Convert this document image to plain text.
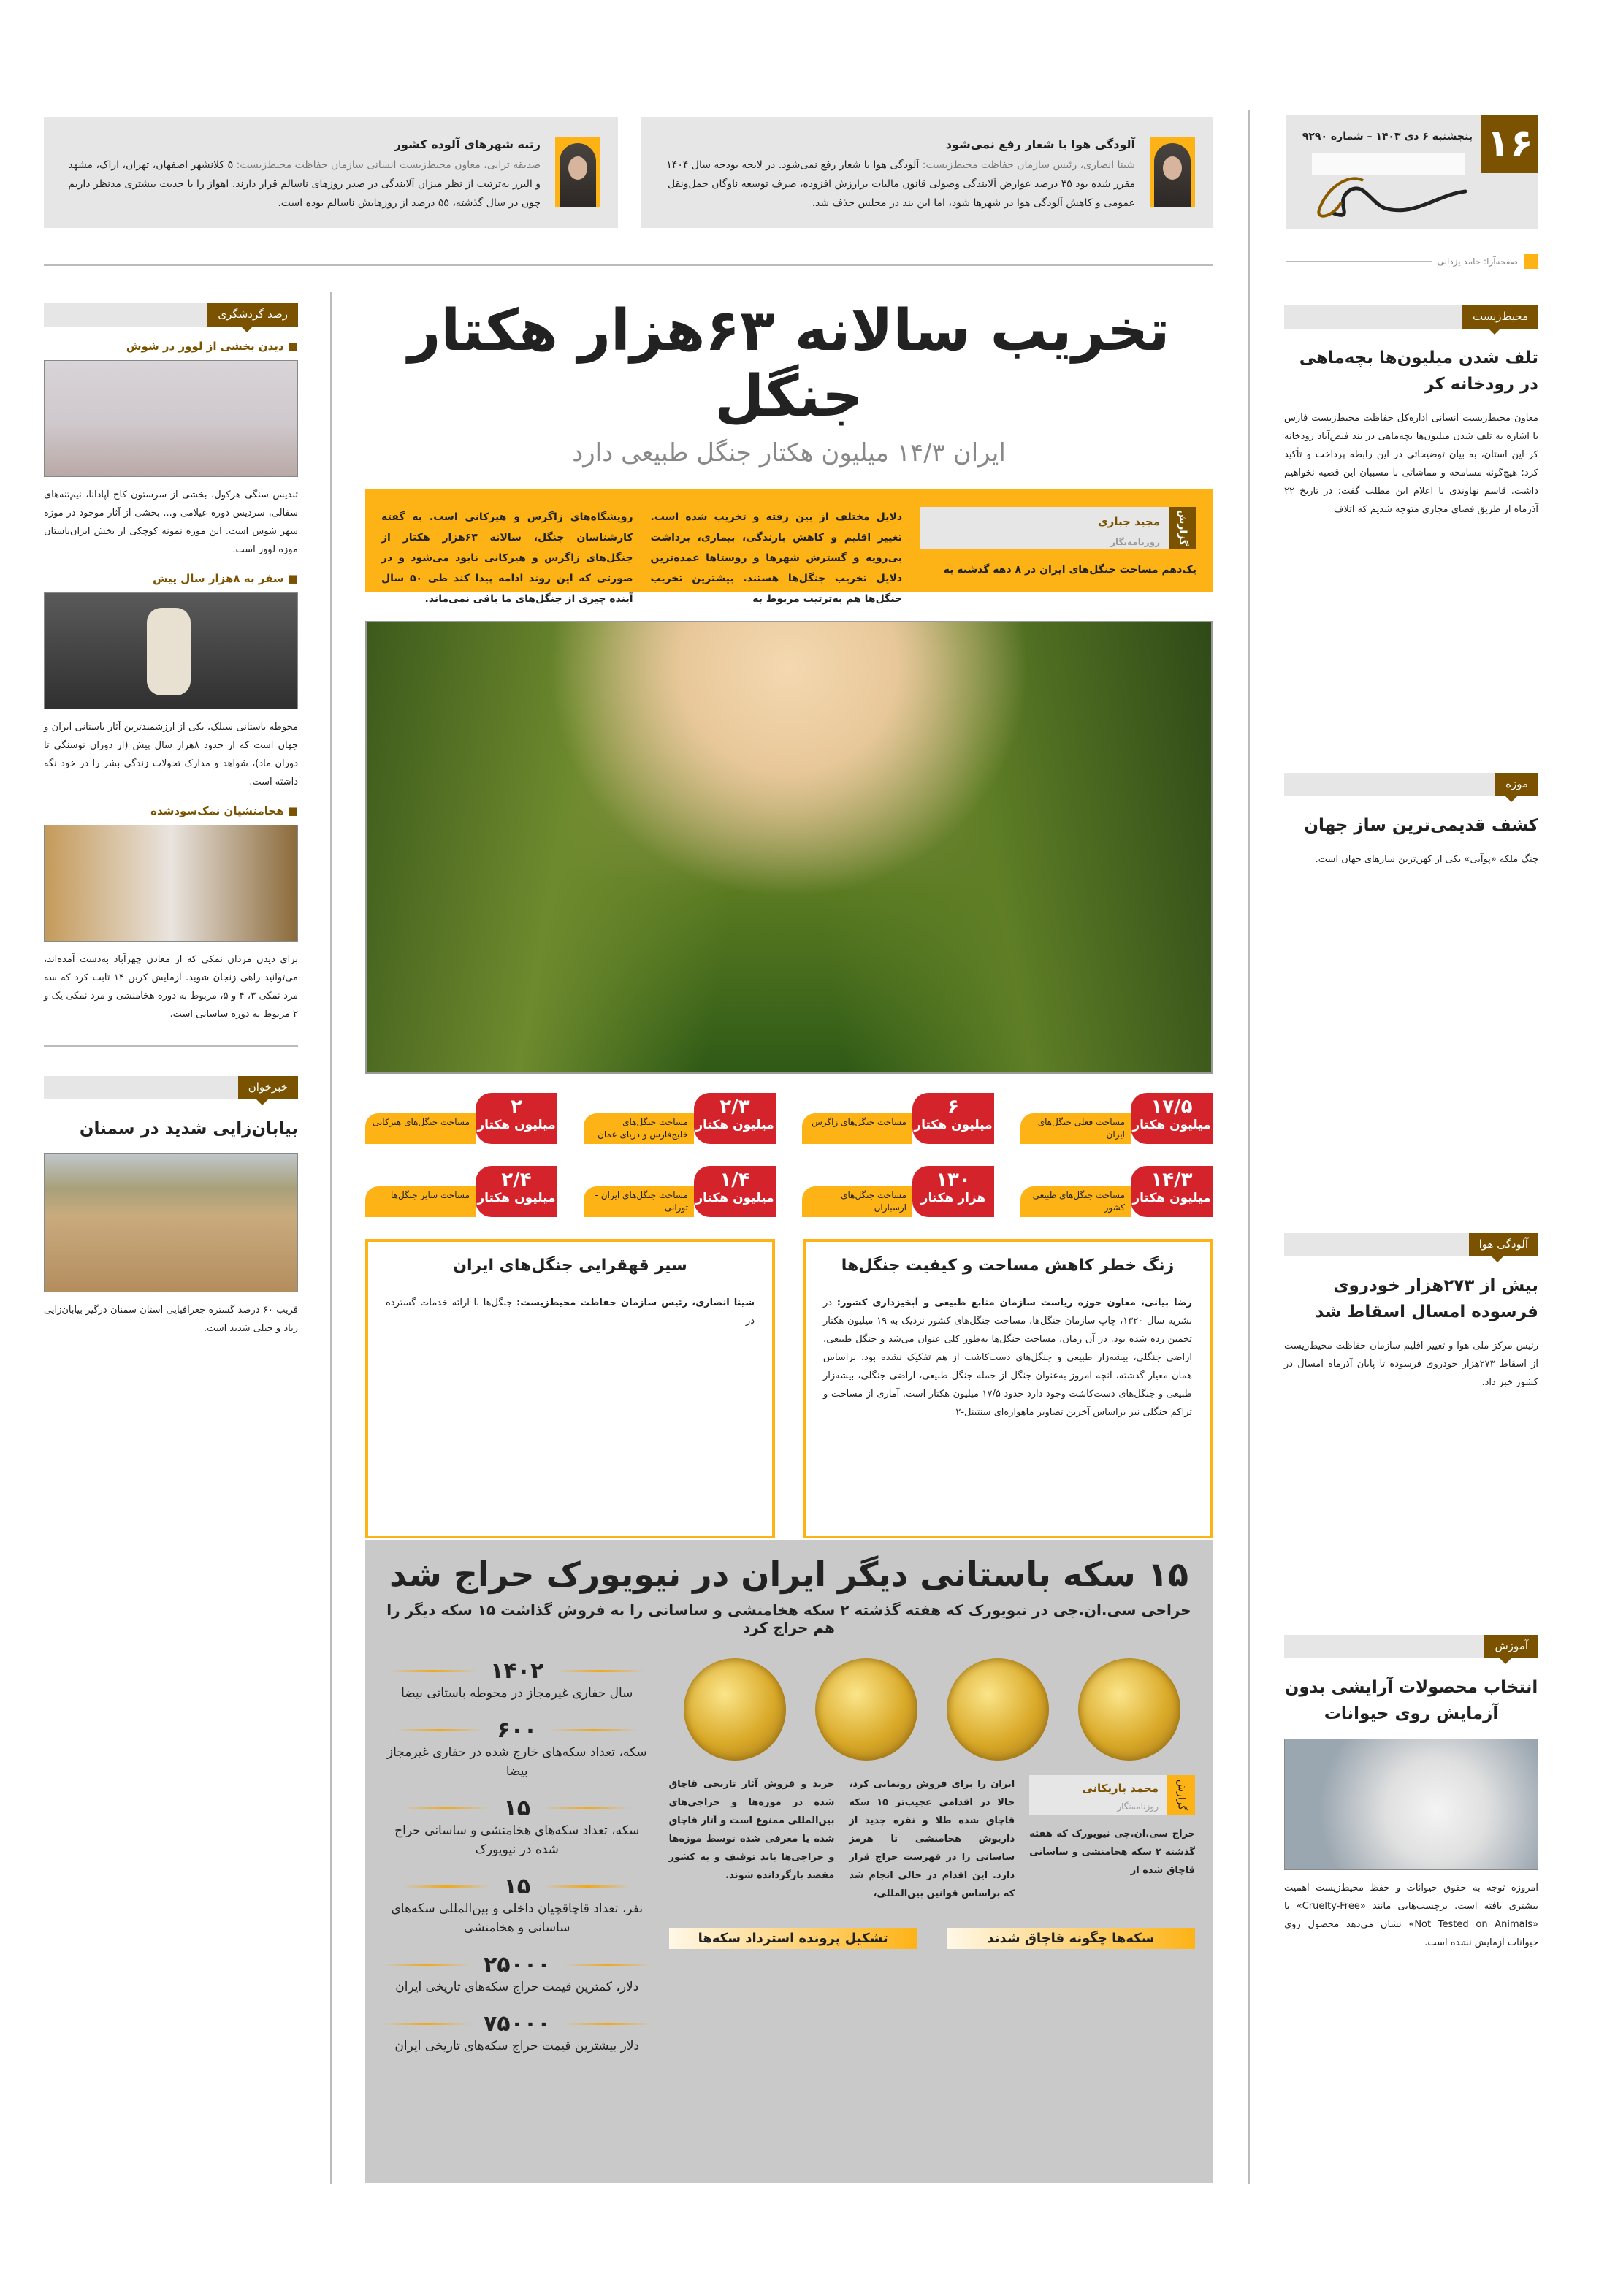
۱۶
پنجشنبه ۶ دی ۱۴۰۳ – شماره ۹۲۹۰
صفحه‌آرا: حامد یزدانی
آلودگی هوا با شعار رفع نمی‌شود
شینا انصاری، رئیس سازمان حفاظت محیط‌زیست: آلودگی هوا با شعار رفع نمی‌شود. در لایحه بودجه سال ۱۴۰۴ مقرر شده بود ۳۵ درصد عوارض آلایندگی وصولی قانون مالیات برارزش افزوده، صرف توسعه ناوگان حمل‌ونقل عمومی و کاهش آلودگی هوا در شهرها شود، اما این بند در مجلس حذف شد.
رتبه شهرهای آلوده کشور
صدیقه ترابی، معاون محیط‌زیست انسانی سازمان حفاظت محیط‌زیست: ۵ کلانشهر اصفهان، تهران، اراک، مشهد و البرز به‌ترتیب از نظر میزان آلایندگی در صدر روزهای ناسالم قرار دارند. اهواز را با جدیت بیشتری مدنظر داریم چون در سال گذشته، ۵۵ درصد از روزهایش ناسالم بوده است.
تخریب سالانه ۶۳هزار هکتار جنگل
ایران ۱۴/۳ میلیون هکتار جنگل طبیعی دارد
گزارش
مجید جباری
روزنامه‌نگار
یک‌دهم مساحت جنگل‌های ایران در ۸ دهه گذشته به
دلایل مختلف از بین رفته و تخریب شده است. تغییر اقلیم و کاهش بارندگی، بیماری، برداشت بی‌رویه و گسترش شهرها و روستاها عمده‌ترین دلایل تخریب جنگل‌ها هستند. بیشترین تخریب جنگل‌ها هم به‌ترتیب مربوط به
رویشگاه‌های زاگرس و هیرکانی است. به گفته کارشناسان جنگل، سالانه ۶۳هزار هکتار از جنگل‌های زاگرس و هیرکانی نابود می‌شود و در صورتی که این روند ادامه پیدا کند طی ۵۰ سال آینده چیزی از جنگل‌های ما باقی نمی‌ماند.
۱۷/۵
میلیون هکتار
مساحت فعلی جنگل‌های ایران
۶
میلیون هکتار
مساحت جنگل‌های زاگرس
۲/۳
میلیون هکتار
مساحت جنگل‌های خلیج‌فارس و دریای عمان
۲
میلیون هکتار
مساحت جنگل‌های هیرکانی
۱۴/۳
میلیون هکتار
مساحت جنگل‌های طبیعی کشور
۱۳۰
هزار هکتار
مساحت جنگل‌های ارسباران
۱/۴
میلیون هکتار
مساحت جنگل‌های ایران - تورانی
۲/۴
میلیون هکتار
مساحت سایر جنگل‌ها
زنگ خطر کاهش مساحت و کیفیت جنگل‌ها

رضا بیانی، معاون حوزه ریاست سازمان منابع طبیعی و آبخیزداری کشور: در نشریه سال ۱۳۲۰، چاپ سازمان جنگل‌ها، مساحت جنگل‌های کشور نزدیک به ۱۹ میلیون هکتار تخمین زده شده بود. در آن زمان، مساحت جنگل‌ها به‌طور کلی عنوان می‌شد و جنگل طبیعی، اراضی جنگلی، بیشه‌زار طبیعی و جنگل‌های دست‌کاشت از هم تفکیک نشده بود. براساس همان معیار گذشته، آنچه امروز به‌عنوان جنگل از جمله جنگل طبیعی، اراضی جنگلی، بیشه‌زار طبیعی و جنگل‌های دست‌کاشت وجود دارد حدود ۱۷/۵ میلیون هکتار است. آماری از مساحت و تراکم جنگلی نیز براساس آخرین تصاویر ماهواره‌ای سنتینل-۲

سیر قهقرایی جنگل‌های ایران

شینا انصاری، رئیس سازمان حفاظت محیط‌زیست: جنگل‌ها با ارائه خدمات گسترده در

۱۵ سکه باستانی دیگر ایران در نیویورک حراج شد
حراجی سی.ان.جی در نیویورک که هفته گذشته ۲ سکه هخامنشی و ساسانی را به فروش گذاشت ۱۵ سکه دیگر را هم حراج کرد
گزارش
محمد باریکانی
روزنامه‌نگار
حراج سی.ان.جی نیویورک که هفته گذشته ۲ سکه هخامنشی و ساسانی قاچاق شده از
ایران را برای فروش رونمایی کرد، حالا در اقدامی عجیب‌تر ۱۵ سکه قاچاق شده طلا و نقره جدید از داریوش هخامنشی تا هرمز ساسانی را در فهرست حراج قرار دارد. این اقدام در حالی انجام شد که براساس قوانین بین‌المللی،
خرید و فروش آثار تاریخی قاچاق شده در موزه‌ها و حراجی‌های بین‌المللی ممنوع است و آثار قاچاق شده یا معرفی شده توسط موزه‌ها و حراجی‌ها باید توقیف و به کشور مقصد بازگردانده شوند.
سکه‌ها چگونه قاچاق شدند
تشکیل پرونده استرداد سکه‌ها
۱۴۰۲
سال حفاری غیرمجاز در محوطه باستانی بیضا
۶۰۰
سکه، تعداد سکه‌های خارج شده در حفاری غیرمجاز بیضا
۱۵
سکه، تعداد سکه‌های هخامنشی و ساسانی حراج شده در نیویورک
۱۵
نفر، تعداد قاچاقچیان داخلی و بین‌المللی سکه‌های ساسانی و هخامنشی
۲۵۰۰۰
دلار، کمترین قیمت حراج سکه‌های تاریخی ایران
۷۵۰۰۰
دلار بیشترین قیمت حراج سکه‌های تاریخی ایران
رصد گردشگری
■ دیدن بخشی از لوور در شوش

تندیس سنگی هرکول، بخشی از سرستون کاخ آپادانا، نیم‌تنه‌های سفالی، سردیس دوره عیلامی و... بخشی از آثار موجود در موزه شهر شوش است. این موزه نمونه کوچکی از بخش ایران‌باستان موزه لوور است.

■ سفر به ۸هزار سال پیش

محوطه باستانی سیلک، یکی از ارزشمندترین آثار باستانی ایران و جهان است که از حدود ۸هزار سال پیش (از دوران نوسنگی تا دوران ماد)، شواهد و مدارک تحولات زندگی بشر را در خود نگه داشته است.

■ هخامنشیان نمک‌سودشده

برای دیدن مردان نمکی که از معادن چهرآباد به‌دست آمده‌اند، می‌توانید راهی زنجان شوید. آزمایش کربن ۱۴ ثابت کرد که سه مرد نمکی ۳، ۴ و ۵، مربوط به دوره هخامنشی و مرد نمکی یک و ۲ مربوط به دوره ساسانی است.

خبرخوان
بیابان‌زایی شدید در سمنان

قریب ۶۰ درصد گستره جغرافیایی استان سمنان درگیر بیابان‌زایی زیاد و خیلی شدید است.

محیط‌زیست
تلف شدن میلیون‌ها بچه‌ماهی در رودخانه کر

معاون محیط‌زیست انسانی اداره‌کل حفاظت محیط‌زیست فارس با اشاره به تلف شدن میلیون‌ها بچه‌ماهی در بند فیض‌آباد رودخانه کر این استان، به بیان توضیحاتی در این رابطه پرداخت و تأکید کرد: هیچ‌گونه مسامحه و مماشاتی با مسببان این قضیه نخواهیم داشت. قاسم نهاوندی با اعلام این مطلب گفت: در تاریخ ۲۲ آذرماه از طریق فضای مجازی متوجه شدیم که اتلاف

موزه
کشف قدیمی‌ترین ساز جهان

چنگ ملکه «پوآبی» یکی از کهن‌ترین سازهای جهان است.

آلودگی هوا
بیش از ۲۷۳هزار خودروی فرسوده امسال اسقاط شد

رئیس مرکز ملی هوا و تغییر اقلیم سازمان حفاظت محیط‌زیست از اسقاط ۲۷۳هزار خودروی فرسوده تا پایان آذرماه امسال در کشور خبر داد.

آموزش
انتخاب محصولات آرایشی بدون آزمایش روی حیوانات

امروزه توجه به حقوق حیوانات و حفظ محیط‌زیست اهمیت بیشتری یافته است. برچسب‌هایی مانند «Cruelty-Free» یا «Not Tested on Animals» نشان می‌دهد محصول روی حیوانات آزمایش نشده است.
